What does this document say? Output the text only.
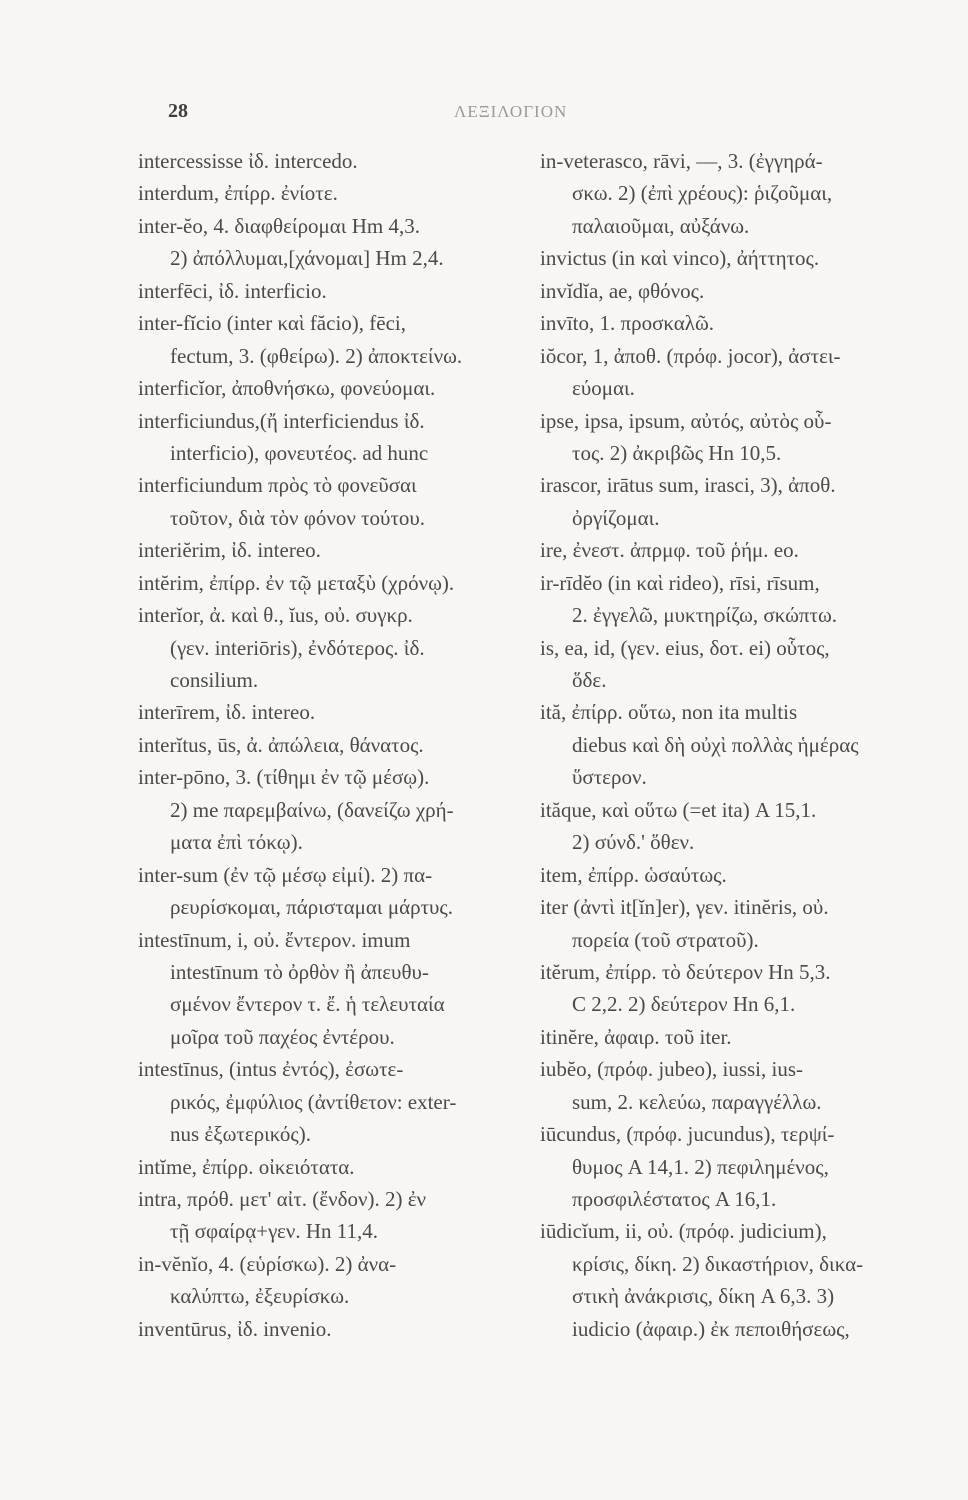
28	ΛΕΞΙΛΟΓΙΟΝ
intercessisse ἰδ. intercedo.
interdum, ἐπίρρ. ἐνίοτε.
inter-ĕo, 4. διαφθείρομαι Hm 4,3.
2) ἀπόλλυμαι,[χάνομαι] Hm 2,4.
interfēci, ἰδ. interficio.
inter-fĭcio (inter καὶ făcio), fēci,
fectum, 3. (φθείρω). 2) ἀποκτείνω.
interficĭor, ἀποθνήσκω, φονεύομαι.
interficiundus,(ἤ interficiendus ἰδ.
interficio), φονευτέος. ad hunc
interficiundum πρὸς τὸ φονεῦσαι
τοῦτον, διὰ τὸν φόνον τούτου.
interiĕrim, ἰδ. intereo.
intĕrim, ἐπίρρ. ἐν τῷ μεταξὺ (χρόνῳ).
interĭor, ἀ. καὶ θ., ĭus, οὐ. συγκρ.
(γεν. interiōris), ἐνδότερος. ἰδ.
consilium.
interīrem, ἰδ. intereo.
interĭtus, ūs, ἀ. ἀπώλεια, θάνατος.
inter-pōno, 3. (τίθημι ἐν τῷ μέσῳ).
2) me παρεμβαίνω, (δανείζω χρή-
ματα ἐπὶ τόκῳ).
inter-sum (ἐν τῷ μέσῳ εἰμί). 2) πα-
ρευρίσκομαι, πάρισταμαι μάρτυς.
intestīnum, i, οὐ. ἔντερον. imum
intestīnum τὸ ὀρθὸν ἢ ἀπευθυ-
σμένον ἔντερον τ. ἔ. ἡ τελευταία
μοῖρα τοῦ παχέος ἐντέρου.
intestīnus, (intus ἐντός), ἐσωτε-
ρικός, ἐμφύλιος (ἀντίθετον: exter-
nus ἐξωτερικός).
intĭme, ἐπίρρ. οἰκειότατα.
intra, πρόθ. μετ' αἰτ. (ἔνδον). 2) ἐν
τῇ σφαίρᾳ+γεν. Hn 11,4.
in-vĕnĭo, 4. (εὑρίσκω). 2) ἀνα-
καλύπτω, ἐξευρίσκω.
inventūrus, ἰδ. invenio.
in-veterasco, rāvi, —, 3. (ἐγγηρά-
σκω. 2) (ἐπὶ χρέους): ῥιζοῦμαι,
παλαιοῦμαι, αὐξάνω.
invictus (in καὶ vinco), ἀήττητος.
invĭdĭa, ae, φθόνος.
invīto, 1. προσκαλῶ.
iŏcor, 1, ἀποθ. (πρόφ. jocor), ἀστει-
εύομαι.
ipse, ipsa, ipsum, αὐτός, αὐτὸς οὗ-
τος. 2) ἀκριβῶς Hn 10,5.
irascor, irātus sum, irasci, 3), ἀποθ.
ὀργίζομαι.
ire, ἐνεστ. ἀπρμφ. τοῦ ῥήμ. eo.
ir-rīdĕo (in καὶ rideo), rīsi, rīsum,
2. ἐγγελῶ, μυκτηρίζω, σκώπτω.
is, ea, id, (γεν. eius, δοτ. ei) οὗτος,
ὅδε.
ită, ἐπίρρ. οὕτω, non ita multis
diebus καὶ δὴ οὐχὶ πολλὰς ἡμέρας
ὕστερον.
ităque, καὶ οὕτω (=et ita) A 15,1.
2) σύνδ.' ὅθεν.
item, ἐπίρρ. ὡσαύτως.
iter (ἀντὶ it[ĭn]er), γεν. itinĕris, οὐ.
πορεία (τοῦ στρατοῦ).
itĕrum, ἐπίρρ. τὸ δεύτερον Hn 5,3.
C 2,2. 2) δεύτερον Hn 6,1.
itinĕre, ἀφαιρ. τοῦ iter.
iubĕo, (πρόφ. jubeo), iussi, ius-
sum, 2. κελεύω, παραγγέλλω.
iūcundus, (πρόφ. jucundus), τερψί-
θυμος A 14,1. 2) πεφιλημένος,
προσφιλέστατος A 16,1.
iūdicĭum, ii, οὐ. (πρόφ. judicium),
κρίσις, δίκη. 2) δικαστήριον, δικα-
στικὴ ἀνάκρισις, δίκη A 6,3. 3)
iudicio (ἀφαιρ.) ἐκ πεποιθήσεως,
